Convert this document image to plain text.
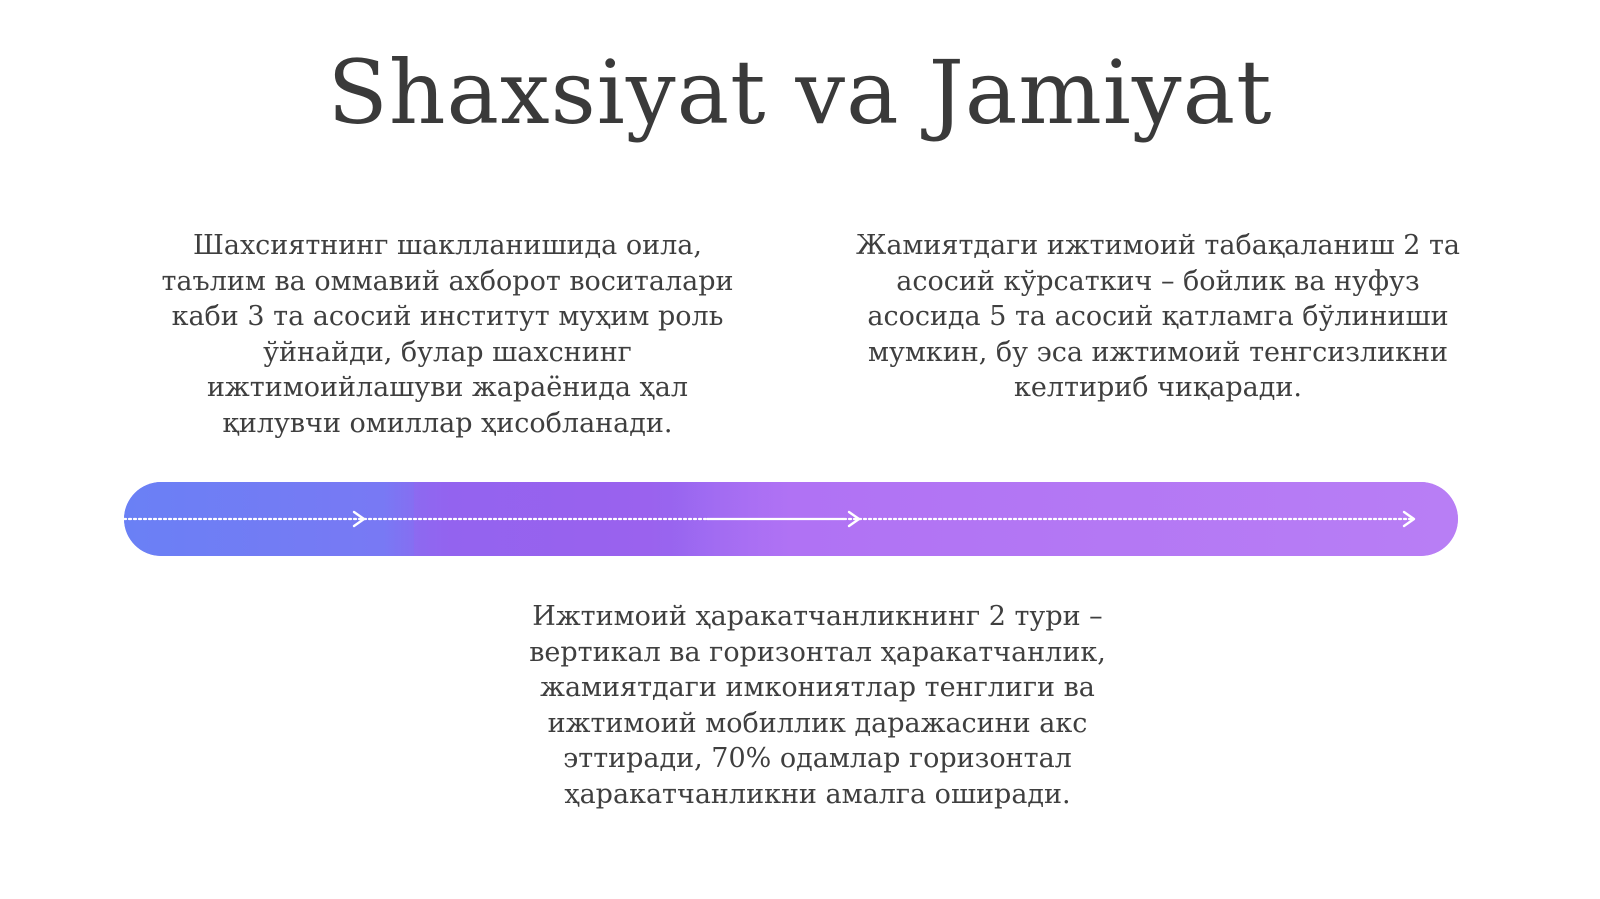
Shaxsiyat va Jamiyat

Шахсиятнинг шаклланишида оила, таълим ва оммавий ахборот воситалари каби 3 та асосий институт муҳим роль ўйнайди, булар шахснинг ижтимоийлашуви жараёнида ҳал қилувчи омиллар ҳисобланади.

Жамиятдаги ижтимоий табақаланиш 2 та асосий кўрсаткич – бойлик ва нуфуз асосида 5 та асосий қатламга бўлиниши мумкин, бу эса ижтимоий тенгсизликни келтириб чиқаради.

Ижтимоий ҳаракатчанликнинг 2 тури – вертикал ва горизонтал ҳаракатчанлик, жамиятдаги имкониятлар тенглиги ва ижтимоий мобиллик даражасини акс эттиради, 70% одамлар горизонтал ҳаракатчанликни амалга оширади.
